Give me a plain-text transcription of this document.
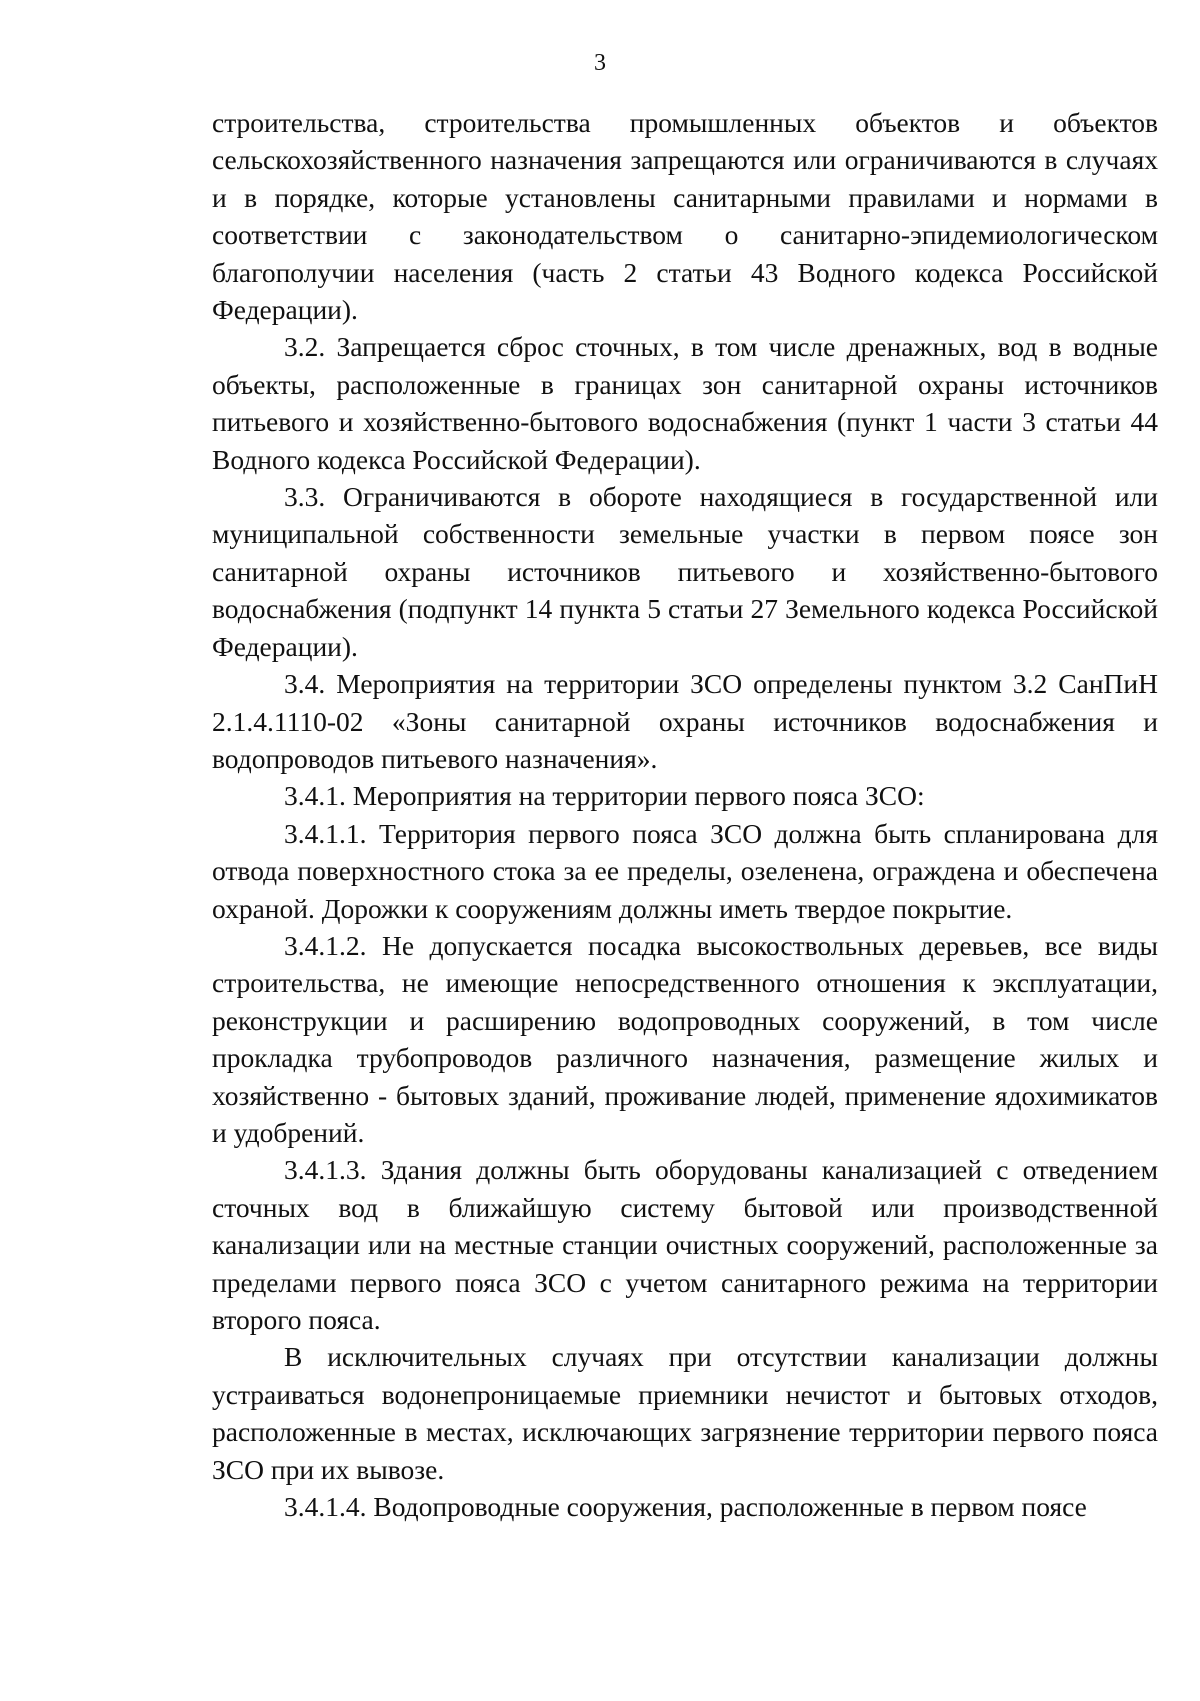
3

строительства, строительства промышленных объектов и объектов сельскохозяйственного назначения запрещаются или ограничиваются в случаях и в порядке, которые установлены санитарными правилами и нормами в соответствии с законодательством о санитарно-эпидемиологическом благополучии населения (часть 2 статьи 43 Водного кодекса Российской Федерации).

3.2. Запрещается сброс сточных, в том числе дренажных, вод в водные объекты, расположенные в границах зон санитарной охраны источников питьевого и хозяйственно-бытового водоснабжения (пункт 1 части 3 статьи 44 Водного кодекса Российской Федерации).

3.3. Ограничиваются в обороте находящиеся в государственной или муниципальной собственности земельные участки в первом поясе зон санитарной охраны источников питьевого и хозяйственно-бытового водоснабжения (подпункт 14 пункта 5 статьи 27 Земельного кодекса Российской Федерации).

3.4. Мероприятия на территории ЗСО определены пунктом 3.2 СанПиН 2.1.4.1110-02 «Зоны санитарной охраны источников водоснабжения и водопроводов питьевого назначения».

3.4.1. Мероприятия на территории первого пояса ЗСО:

3.4.1.1. Территория первого пояса ЗСО должна быть спланирована для отвода поверхностного стока за ее пределы, озеленена, ограждена и обеспечена охраной. Дорожки к сооружениям должны иметь твердое покрытие.

3.4.1.2. Не допускается посадка высокоствольных деревьев, все виды строительства, не имеющие непосредственного отношения к эксплуатации, реконструкции и расширению водопроводных сооружений, в том числе прокладка трубопроводов различного назначения, размещение жилых и хозяйственно - бытовых зданий, проживание людей, применение ядохимикатов и удобрений.

3.4.1.3. Здания должны быть оборудованы канализацией с отведением сточных вод в ближайшую систему бытовой или производственной канализации или на местные станции очистных сооружений, расположенные за пределами первого пояса ЗСО с учетом санитарного режима на территории второго пояса.

В исключительных случаях при отсутствии канализации должны устраиваться водонепроницаемые приемники нечистот и бытовых отходов, расположенные в местах, исключающих загрязнение территории первого пояса ЗСО при их вывозе.

3.4.1.4. Водопроводные сооружения, расположенные в первом поясе
